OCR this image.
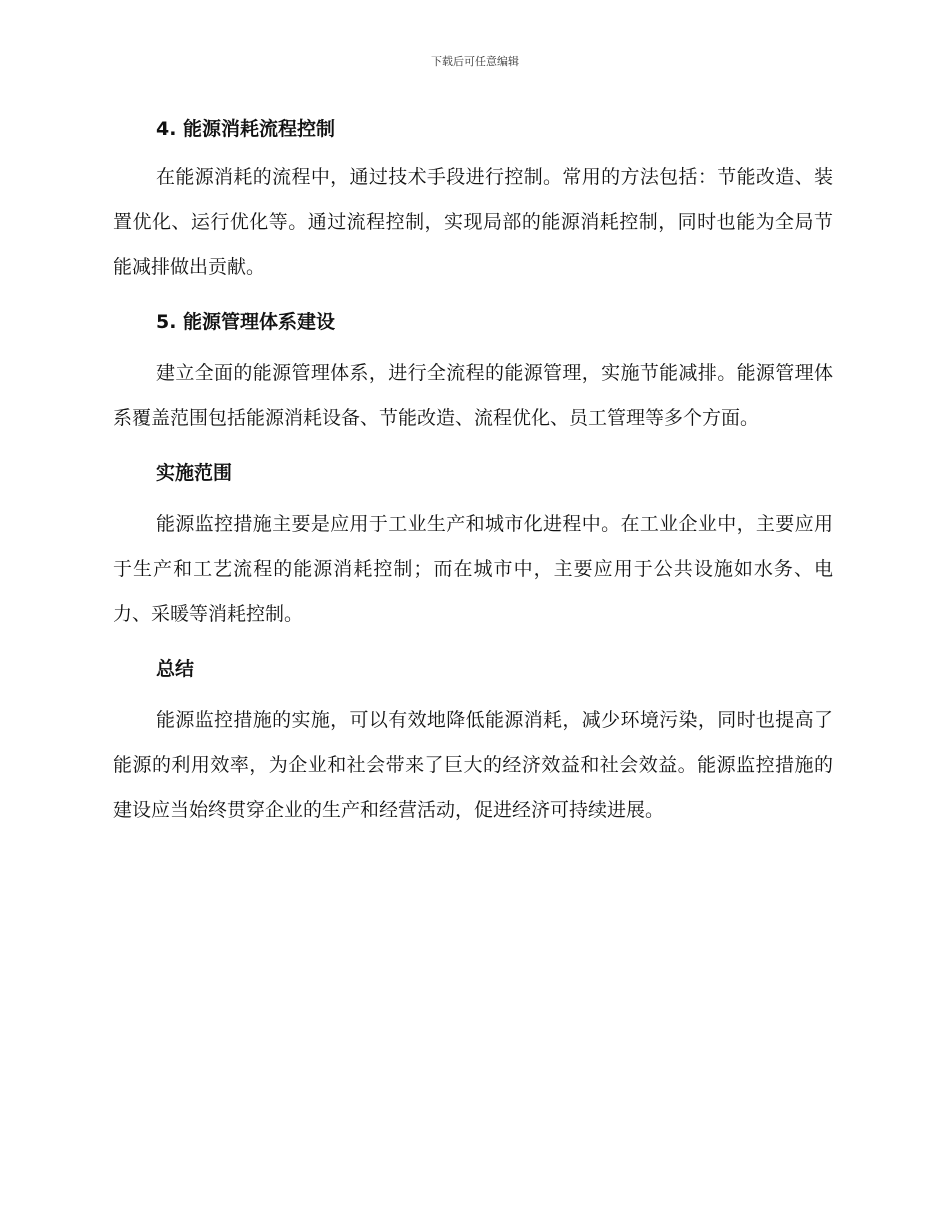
下载后可任意编辑
4. 能源消耗流程控制

在能源消耗的流程中，通过技术手段进行控制。常用的方法包括：节能改造、装置优化、运行优化等。通过流程控制，实现局部的能源消耗控制，同时也能为全局节能减排做出贡献。

5. 能源管理体系建设

建立全面的能源管理体系，进行全流程的能源管理，实施节能减排。能源管理体系覆盖范围包括能源消耗设备、节能改造、流程优化、员工管理等多个方面。

实施范围

能源监控措施主要是应用于工业生产和城市化进程中。在工业企业中，主要应用于生产和工艺流程的能源消耗控制；而在城市中，主要应用于公共设施如水务、电力、采暖等消耗控制。

总结

能源监控措施的实施，可以有效地降低能源消耗，减少环境污染，同时也提高了能源的利用效率，为企业和社会带来了巨大的经济效益和社会效益。能源监控措施的建设应当始终贯穿企业的生产和经营活动，促进经济可持续进展。
